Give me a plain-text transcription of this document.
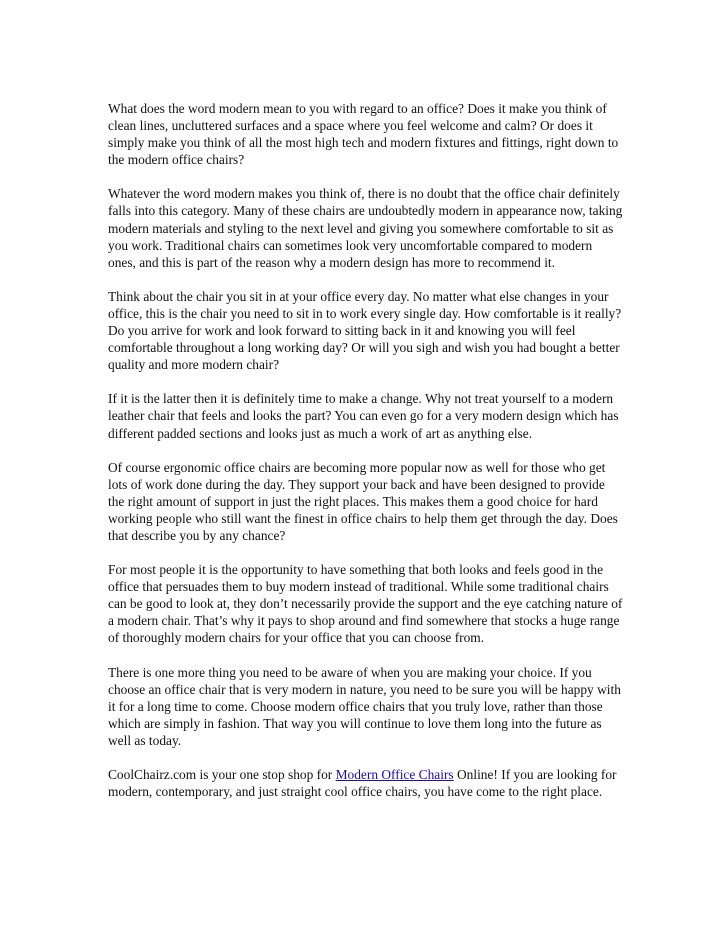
What does the word modern mean to you with regard to an office? Does it make you think of clean lines, uncluttered surfaces and a space where you feel welcome and calm? Or does it simply make you think of all the most high tech and modern fixtures and fittings, right down to the modern office chairs?

Whatever the word modern makes you think of, there is no doubt that the office chair definitely falls into this category. Many of these chairs are undoubtedly modern in appearance now, taking modern materials and styling to the next level and giving you somewhere comfortable to sit as you work. Traditional chairs can sometimes look very uncomfortable compared to modern ones, and this is part of the reason why a modern design has more to recommend it.

Think about the chair you sit in at your office every day. No matter what else changes in your office, this is the chair you need to sit in to work every single day. How comfortable is it really? Do you arrive for work and look forward to sitting back in it and knowing you will feel comfortable throughout a long working day? Or will you sigh and wish you had bought a better quality and more modern chair?

If it is the latter then it is definitely time to make a change. Why not treat yourself to a modern leather chair that feels and looks the part? You can even go for a very modern design which has different padded sections and looks just as much a work of art as anything else.

Of course ergonomic office chairs are becoming more popular now as well for those who get lots of work done during the day. They support your back and have been designed to provide the right amount of support in just the right places. This makes them a good choice for hard working people who still want the finest in office chairs to help them get through the day. Does that describe you by any chance?

For most people it is the opportunity to have something that both looks and feels good in the office that persuades them to buy modern instead of traditional. While some traditional chairs can be good to look at, they don’t necessarily provide the support and the eye catching nature of a modern chair. That’s why it pays to shop around and find somewhere that stocks a huge range of thoroughly modern chairs for your office that you can choose from.

There is one more thing you need to be aware of when you are making your choice. If you choose an office chair that is very modern in nature, you need to be sure you will be happy with it for a long time to come. Choose modern office chairs that you truly love, rather than those which are simply in fashion. That way you will continue to love them long into the future as well as today.

CoolChairz.com is your one stop shop for Modern Office Chairs Online! If you are looking for modern, contemporary, and just straight cool office chairs, you have come to the right place.
